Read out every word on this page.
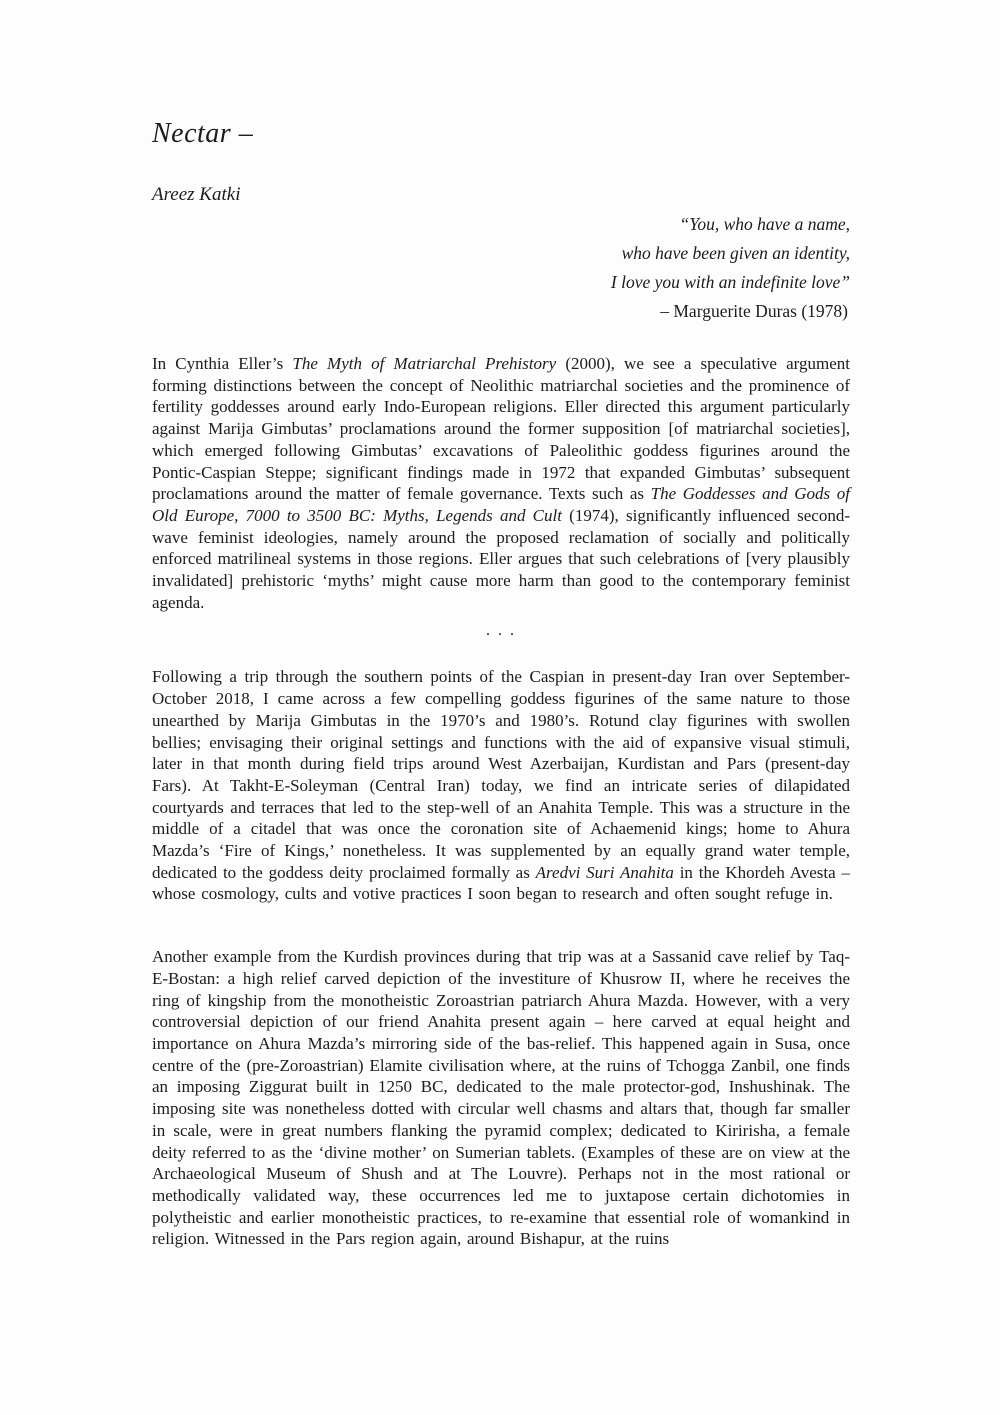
Nectar –
Areez Katki
“You, who have a name,
who have been given an identity,
I love you with an indefinite love”
– Marguerite Duras (1978)

In Cynthia Eller’s The Myth of Matriarchal Prehistory (2000), we see a speculative argument forming distinctions between the concept of Neolithic matriarchal societies and the prominence of fertility goddesses around early Indo-European religions. Eller directed this argument particularly against Marija Gimbutas’ proclamations around the former supposition [of matriarchal societies], which emerged following Gimbutas’ excavations of Paleolithic goddess figurines around the Pontic-Caspian Steppe; significant findings made in 1972 that expanded Gimbutas’ subsequent proclamations around the matter of female governance. Texts such as The Goddesses and Gods of Old Europe, 7000 to 3500 BC: Myths, Legends and Cult (1974), significantly influenced second-wave feminist ideologies, namely around the proposed reclamation of socially and politically enforced matrilineal systems in those regions. Eller argues that such celebrations of [very plausibly invalidated] prehistoric ‘myths’ might cause more harm than good to the contemporary feminist agenda.

. . .

Following a trip through the southern points of the Caspian in present-day Iran over September-October 2018, I came across a few compelling goddess figurines of the same nature to those unearthed by Marija Gimbutas in the 1970’s and 1980’s. Rotund clay figurines with swollen bellies; envisaging their original settings and functions with the aid of expansive visual stimuli, later in that month during field trips around West Azerbaijan, Kurdistan and Pars (present-day Fars). At Takht-E-Soleyman (Central Iran) today, we find an intricate series of dilapidated courtyards and terraces that led to the step-well of an Anahita Temple. This was a structure in the middle of a citadel that was once the coronation site of Achaemenid kings; home to Ahura Mazda’s ‘Fire of Kings,’ nonetheless. It was supplemented by an equally grand water temple, dedicated to the goddess deity proclaimed formally as Aredvi Suri Anahita in the Khordeh Avesta – whose cosmology, cults and votive practices I soon began to research and often sought refuge in.

Another example from the Kurdish provinces during that trip was at a Sassanid cave relief by Taq-E-Bostan: a high relief carved depiction of the investiture of Khusrow II, where he receives the ring of kingship from the monotheistic Zoroastrian patriarch Ahura Mazda. However, with a very controversial depiction of our friend Anahita present again – here carved at equal height and importance on Ahura Mazda’s mirroring side of the bas-relief. This happened again in Susa, once centre of the (pre-Zoroastrian) Elamite civilisation where, at the ruins of Tchogga Zanbil, one finds an imposing Ziggurat built in 1250 BC, dedicated to the male protector-god, Inshushinak. The imposing site was nonetheless dotted with circular well chasms and altars that, though far smaller in scale, were in great numbers flanking the pyramid complex; dedicated to Kiririsha, a female deity referred to as the ‘divine mother’ on Sumerian tablets. (Examples of these are on view at the Archaeological Museum of Shush and at The Louvre). Perhaps not in the most rational or methodically validated way, these occurrences led me to juxtapose certain dichotomies in polytheistic and earlier monotheistic practices, to re-examine that essential role of womankind in religion. Witnessed in the Pars region again, around Bishapur, at the ruins
